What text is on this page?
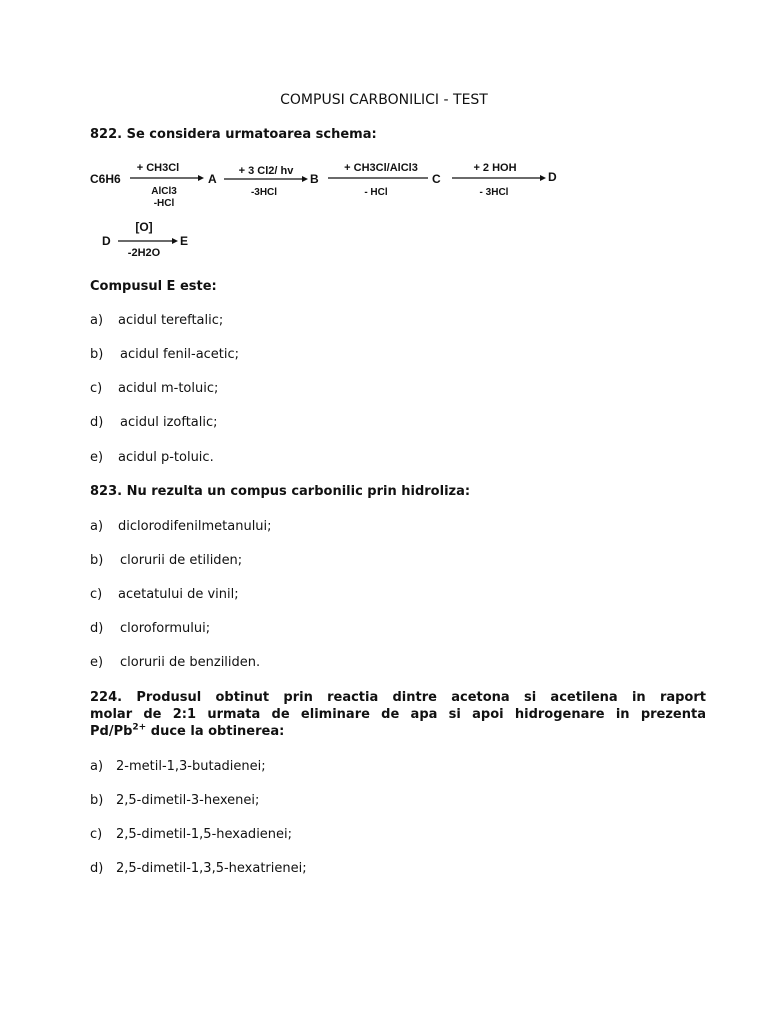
COMPUSI CARBONILICI - TEST
822. Se considera urmatoarea schema:
C6H6
+ CH3Cl
AlCl3
-HCl
A
+ 3 Cl2/ hv
-3HCl
B
+ CH3Cl/AlCl3
- HCl
C
+ 2 HOH
- 3HCl
D
D
[O]
-2H2O
E
Compusul E este:
a) acidul tereftalic;
b) acidul fenil-acetic;
c) acidul m-toluic;
d) acidul izoftalic;
e) acidul p-toluic.
823. Nu rezulta un compus carbonilic prin hidroliza:
a) diclorodifenilmetanului;
b) clorurii de etiliden;
c) acetatului de vinil;
d) cloroformului;
e) clorurii de benziliden.
224. Produsul obtinut prin reactia dintre acetona si acetilena in raport
molar de 2:1 urmata de eliminare de apa si apoi hidrogenare in prezenta
$Pd/Pb^{2+}$ duce la obtinerea:
a) 2-metil-1,3-butadienei;
b) 2,5-dimetil-3-hexenei;
c) 2,5-dimetil-1,5-hexadienei;
d) 2,5-dimetil-1,3,5-hexatrienei;
